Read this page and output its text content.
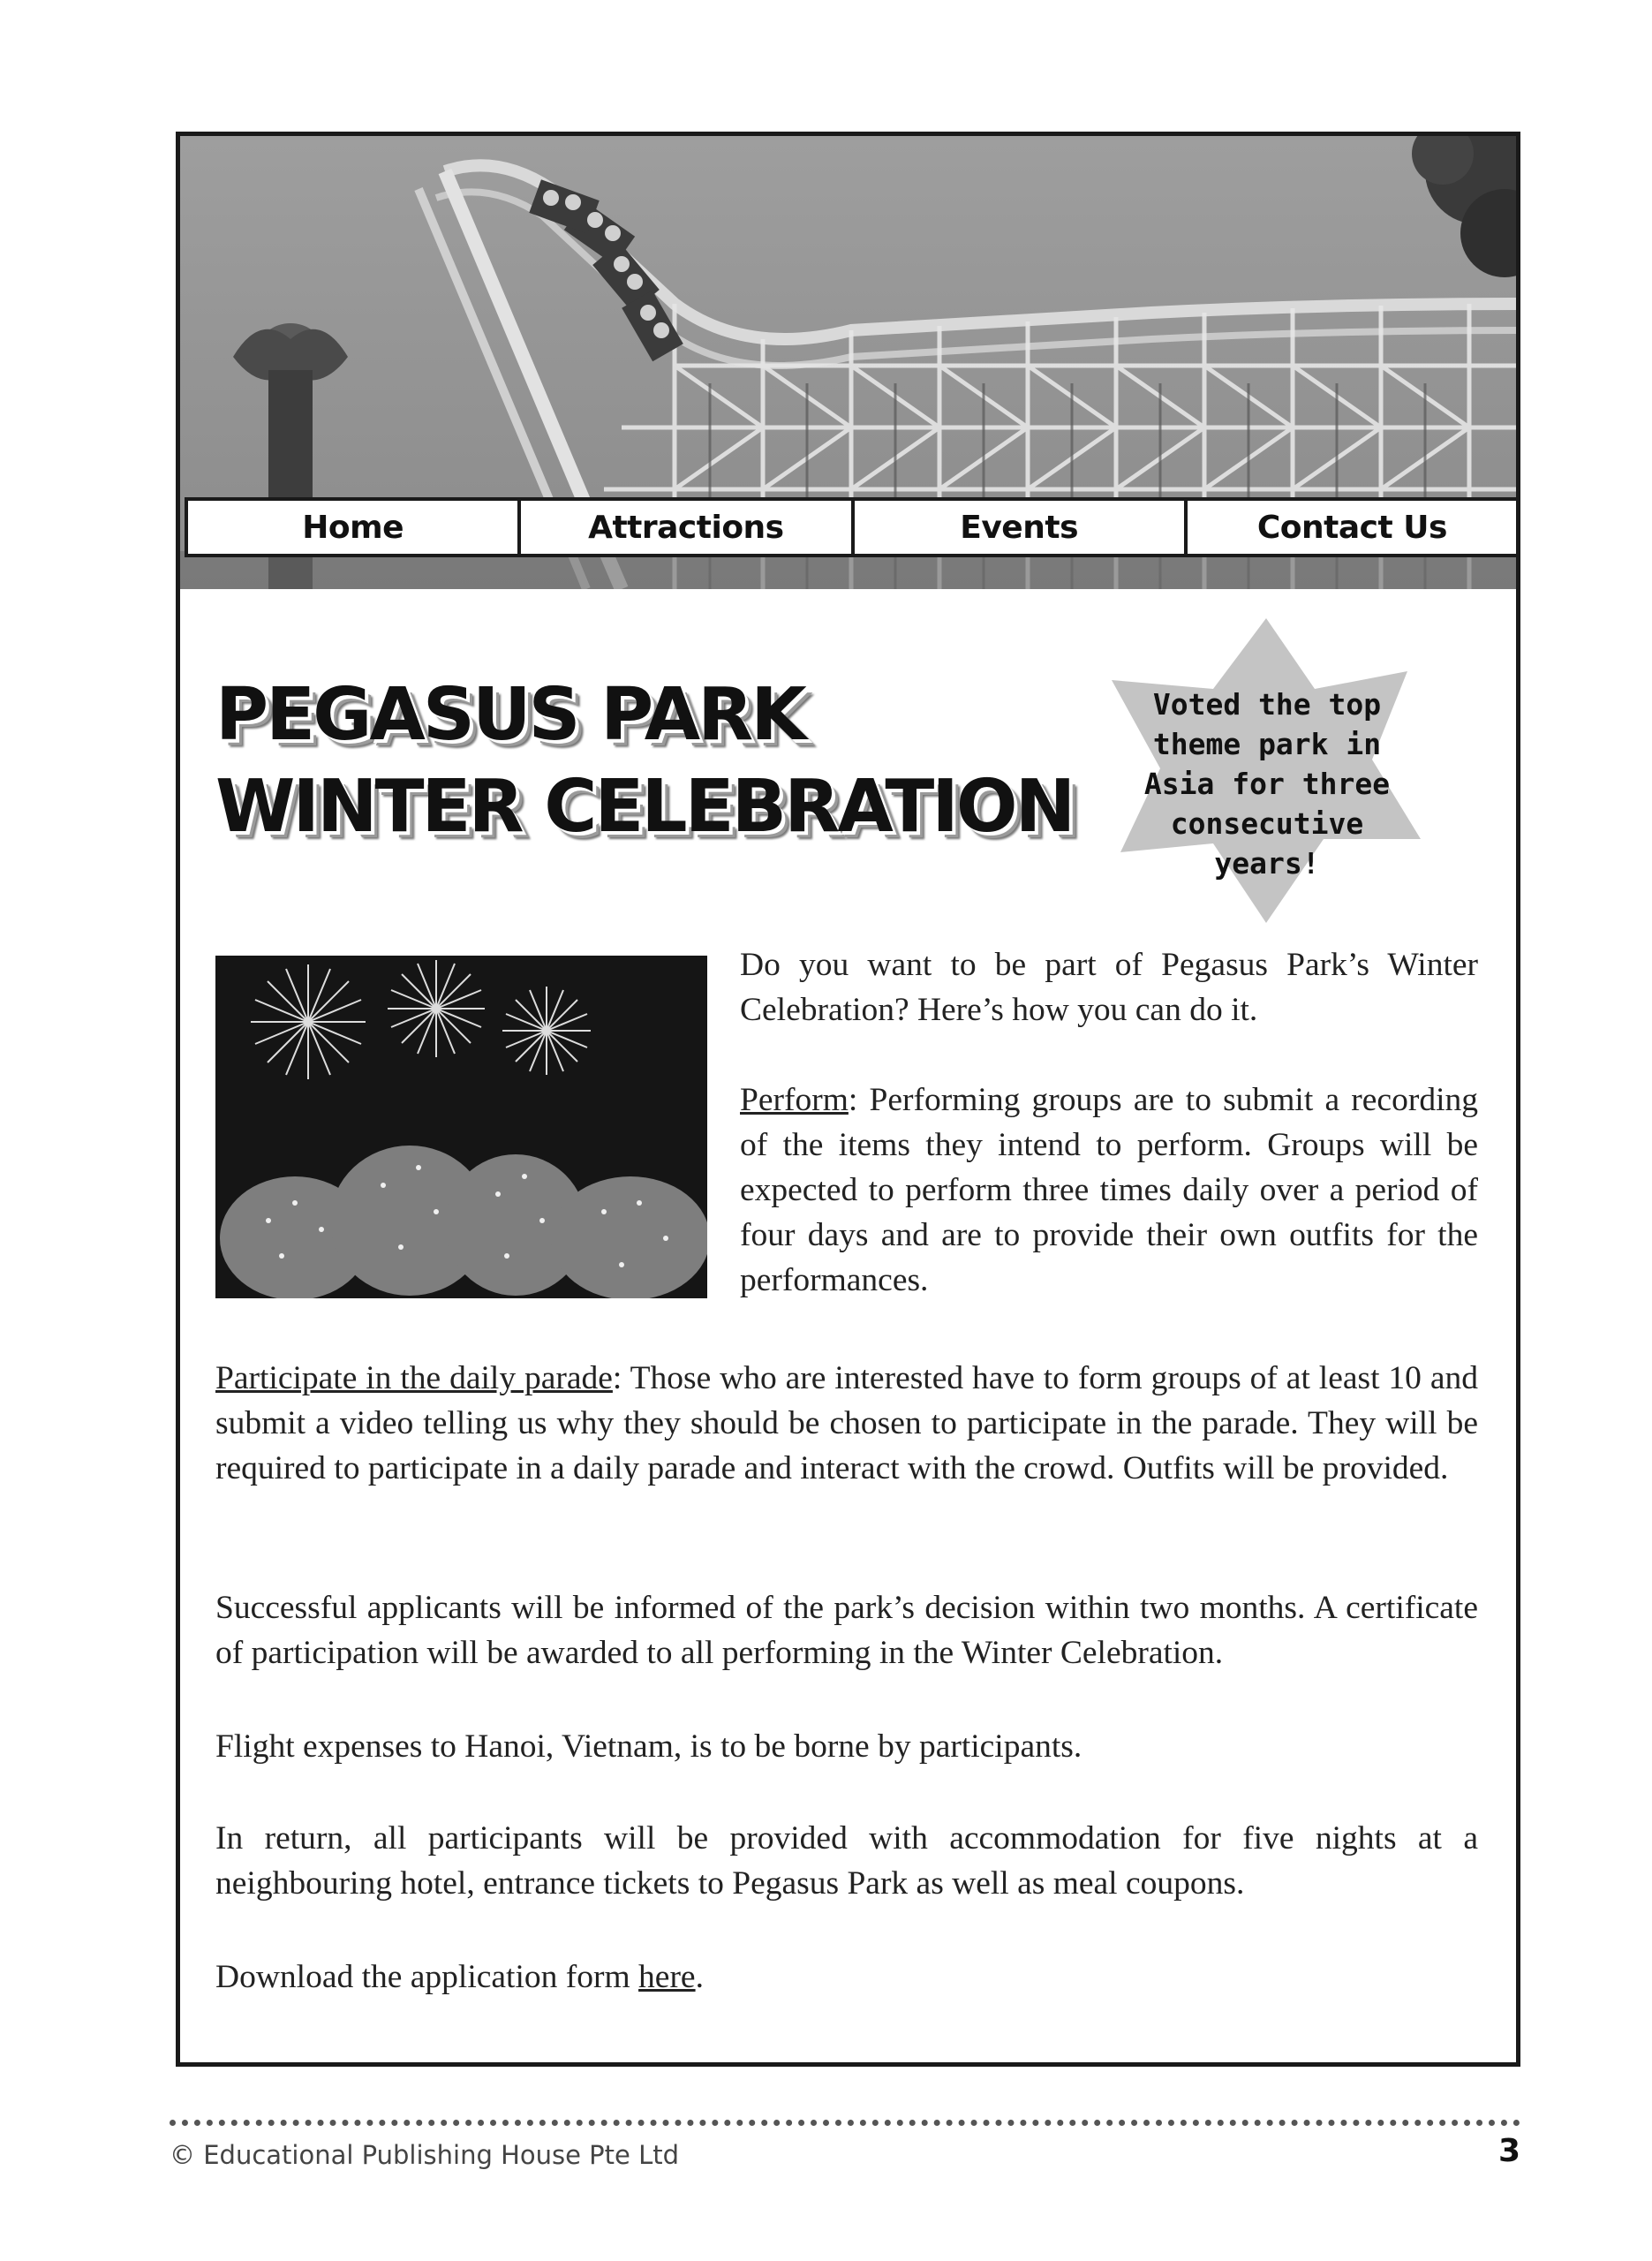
Home	Attractions	Events	Contact Us
PEGASUS PARK
WINTER CELEBRATION
Voted the top
theme park in
Asia for three
consecutive years!

Do you want to be part of Pegasus Park’s Winter Celebration? Here’s how you can do it.

Perform: Performing groups are to submit a recording of the items they intend to perform. Groups will be expected to perform three times daily over a period of four days and are to provide their own outfits for the performances.

Participate in the daily parade: Those who are interested have to form groups of at least 10 and submit a video telling us why they should be chosen to participate in the parade. They will be required to participate in a daily parade and interact with the crowd. Outfits will be provided.

Successful applicants will be informed of the park’s decision within two months. A certificate of participation will be awarded to all performing in the Winter Celebration.
Flight expenses to Hanoi, Vietnam, is to be borne by participants.
In return, all participants will be provided with accommodation for five nights at a neighbouring hotel, entrance tickets to Pegasus Park as well as meal coupons.
Download the application form here.
© Educational Publishing House Pte Ltd	3
